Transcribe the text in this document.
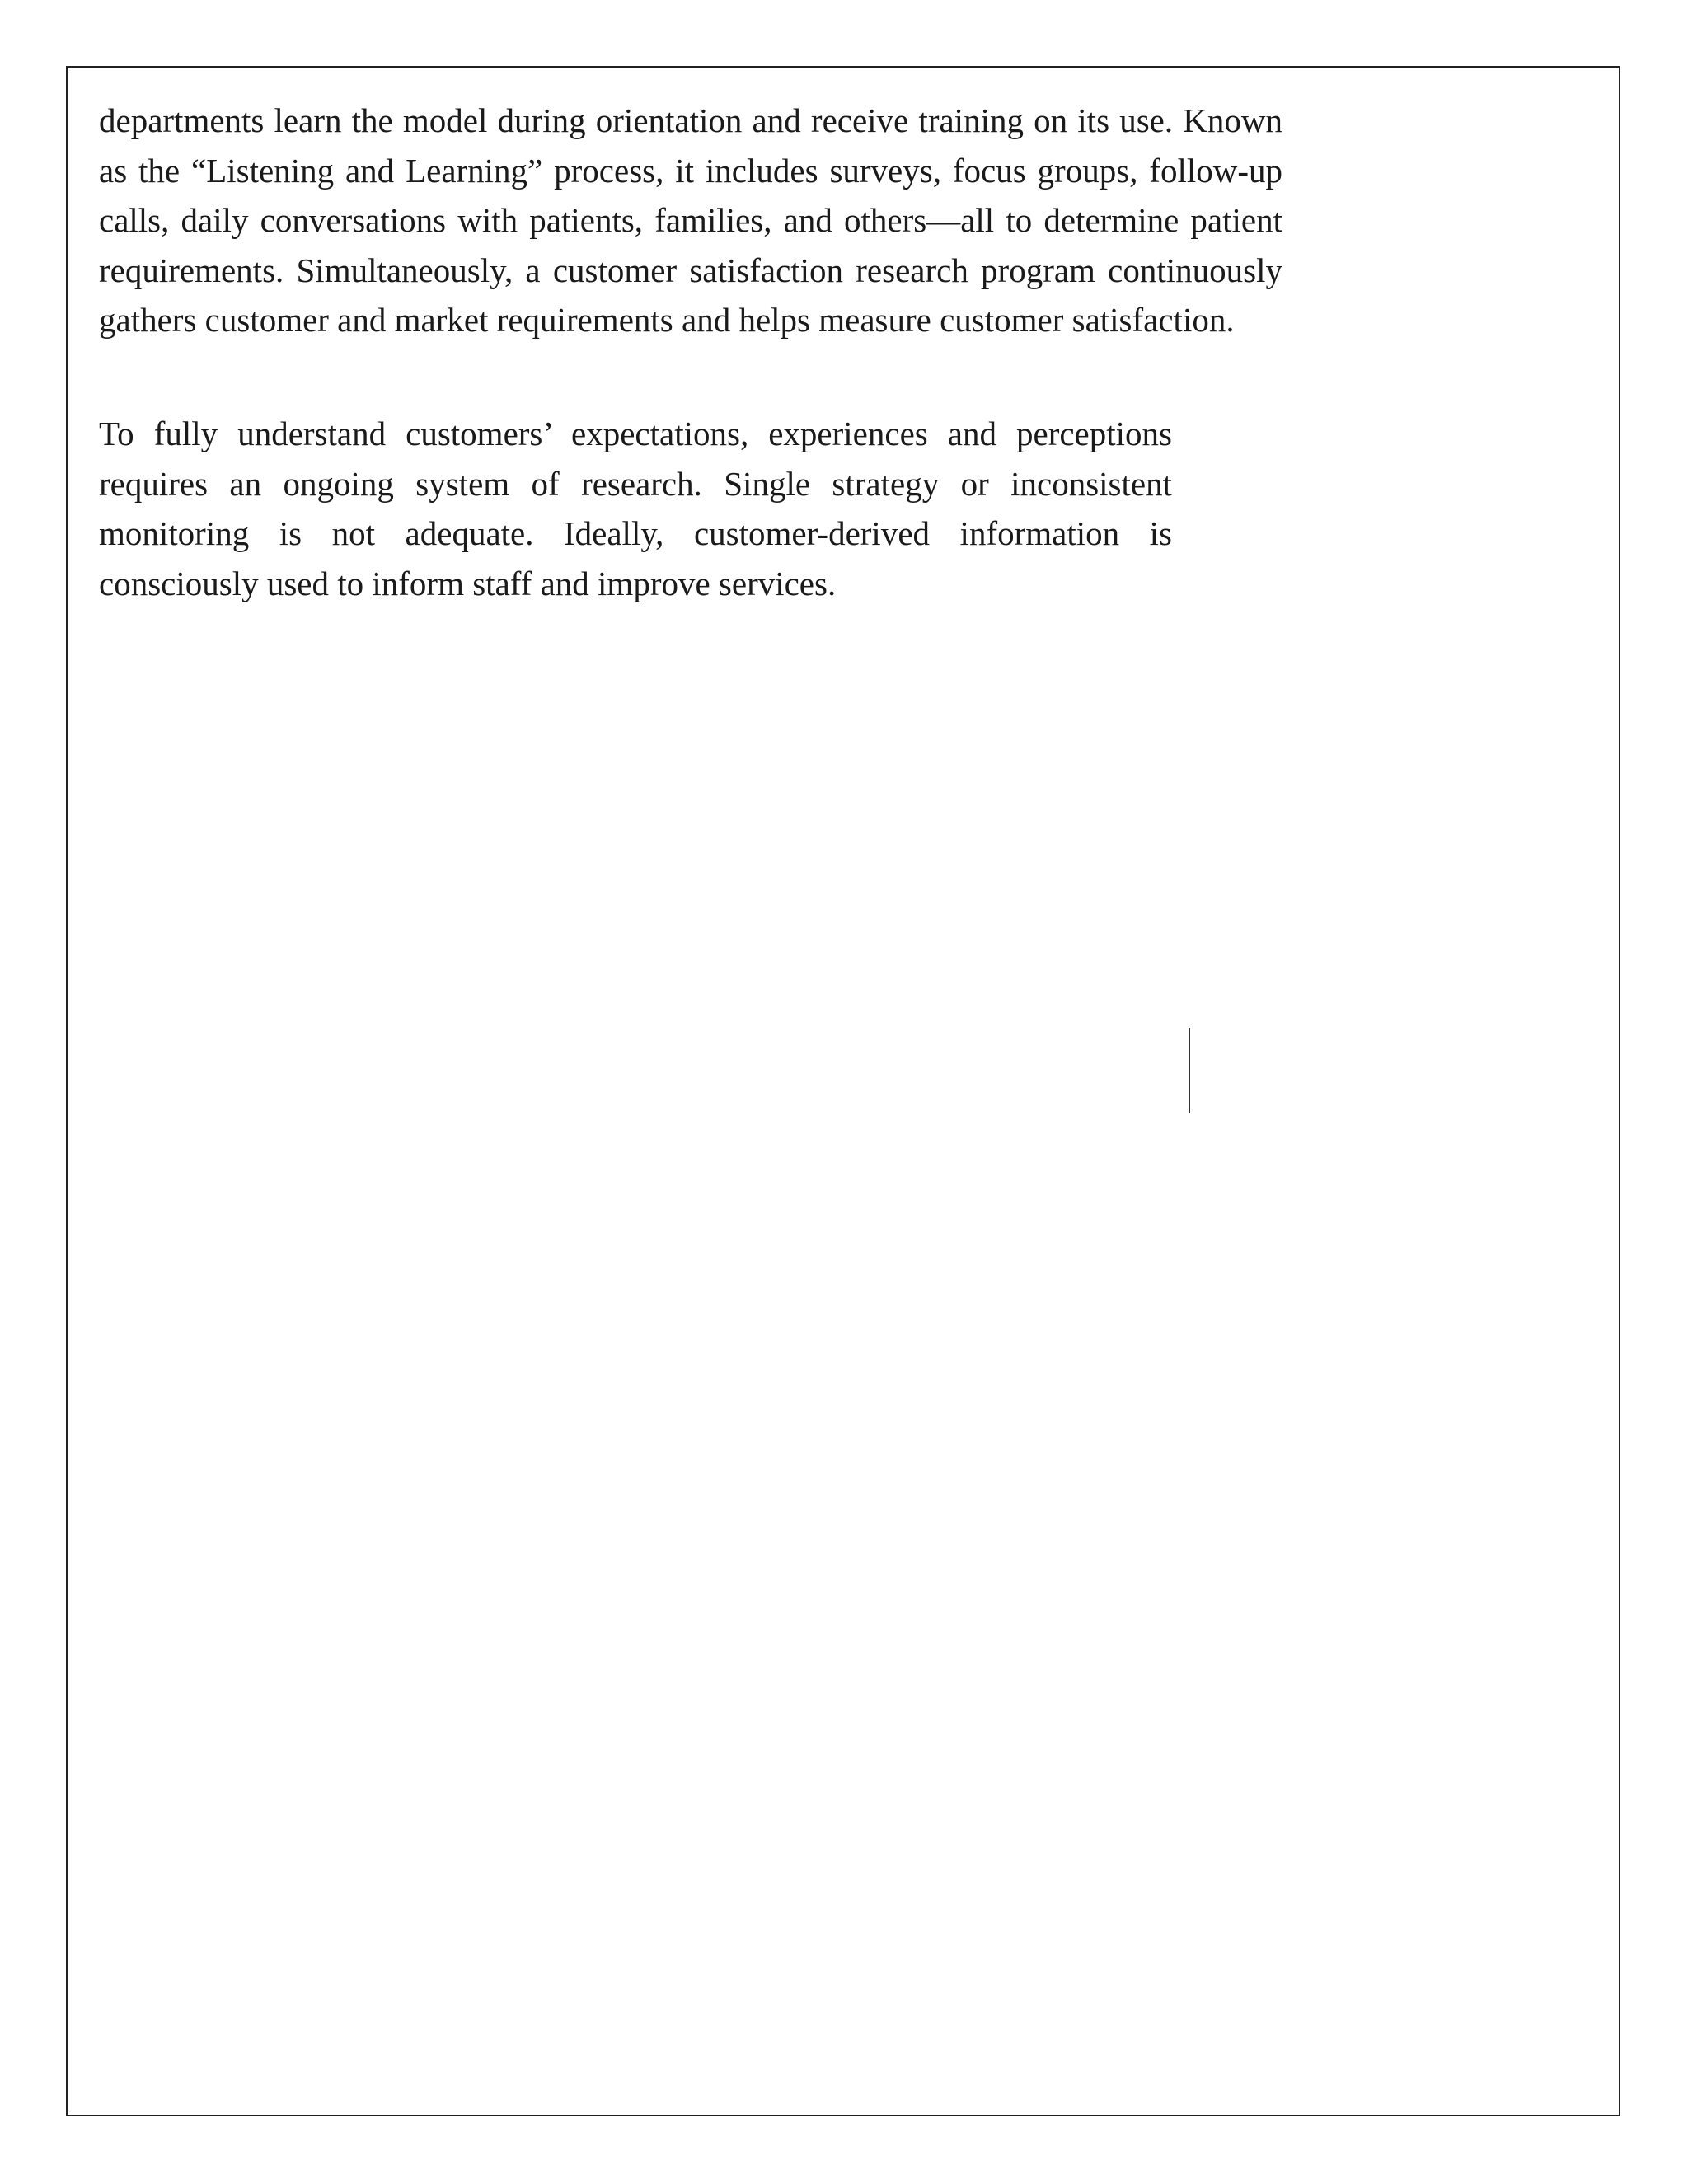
departments learn the model during orientation and receive training on its use. Known as the “Listening and Learning” process, it includes surveys, focus groups, follow-up calls, daily conversations with patients, families, and others—all to determine patient requirements. Simultaneously, a customer satisfaction research program continuously gathers customer and market requirements and helps measure customer satisfaction.

To fully understand customers’ expectations, experiences and perceptions requires an ongoing system of research. Single strategy or inconsistent monitoring is not adequate. Ideally, customer-derived information is consciously used to inform staff and improve services.
